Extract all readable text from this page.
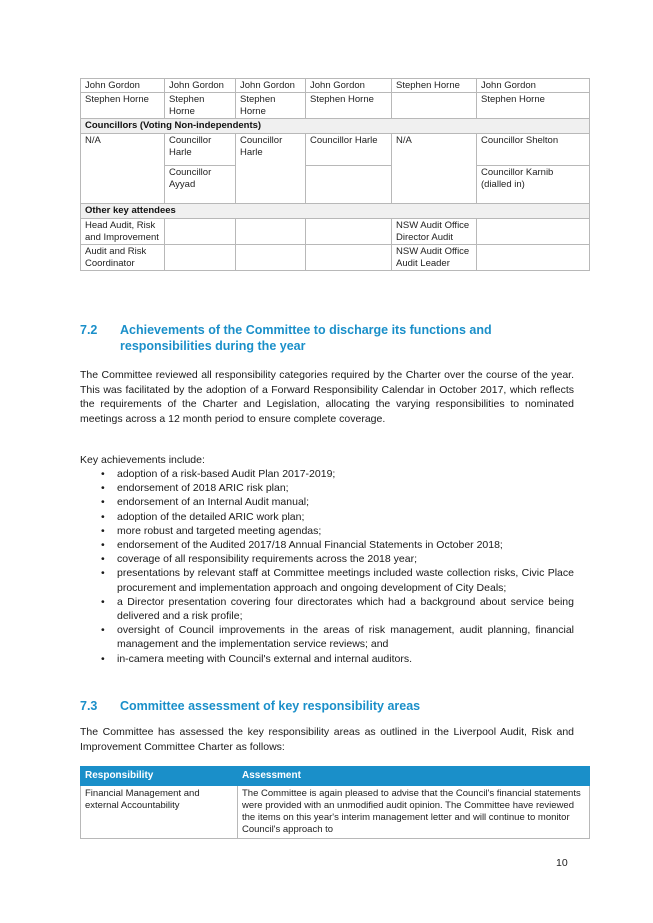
John Gordon	John Gordon	John Gordon	John Gordon	Stephen Horne	John Gordon
Stephen Horne	Stephen Horne	Stephen Horne	Stephen Horne		Stephen Horne
Councillors (Voting Non-independents)					
N/A	Councillor Harle	Councillor Harle	Councillor Harle	N/A	Councillor Shelton
	Councillor Ayyad				Councillor Karnib (dialled in)
Other key attendees					
Head Audit, Risk and Improvement				NSW Audit Office Director Audit	
Audit and Risk Coordinator				NSW Audit Office Audit Leader	
7.2 Achievements of the Committee to discharge its functions and responsibilities during the year
The Committee reviewed all responsibility categories required by the Charter over the course of the year. This was facilitated by the adoption of a Forward Responsibility Calendar in October 2017, which reflects the requirements of the Charter and Legislation, allocating the varying responsibilities to nominated meetings across a 12 month period to ensure complete coverage.
Key achievements include:
• adoption of a risk-based Audit Plan 2017-2019;
• endorsement of 2018 ARIC risk plan;
• endorsement of an Internal Audit manual;
• adoption of the detailed ARIC work plan;
• more robust and targeted meeting agendas;
• endorsement of the Audited 2017/18 Annual Financial Statements in October 2018;
• coverage of all responsibility requirements across the 2018 year;
• presentations by relevant staff at Committee meetings included waste collection risks, Civic Place procurement and implementation approach and ongoing development of City Deals;
• a Director presentation covering four directorates which had a background about service being delivered and a risk profile;
• oversight of Council improvements in the areas of risk management, audit planning, financial management and the implementation service reviews; and
• in-camera meeting with Council's external and internal auditors.
7.3 Committee assessment of key responsibility areas
The Committee has assessed the key responsibility areas as outlined in the Liverpool Audit, Risk and Improvement Committee Charter as follows:
Responsibility	Assessment
Financial Management and external Accountability	The Committee is again pleased to advise that the Council's financial statements were provided with an unmodified audit opinion. The Committee have reviewed the items on this year's interim management letter and will continue to monitor Council's approach to
10
